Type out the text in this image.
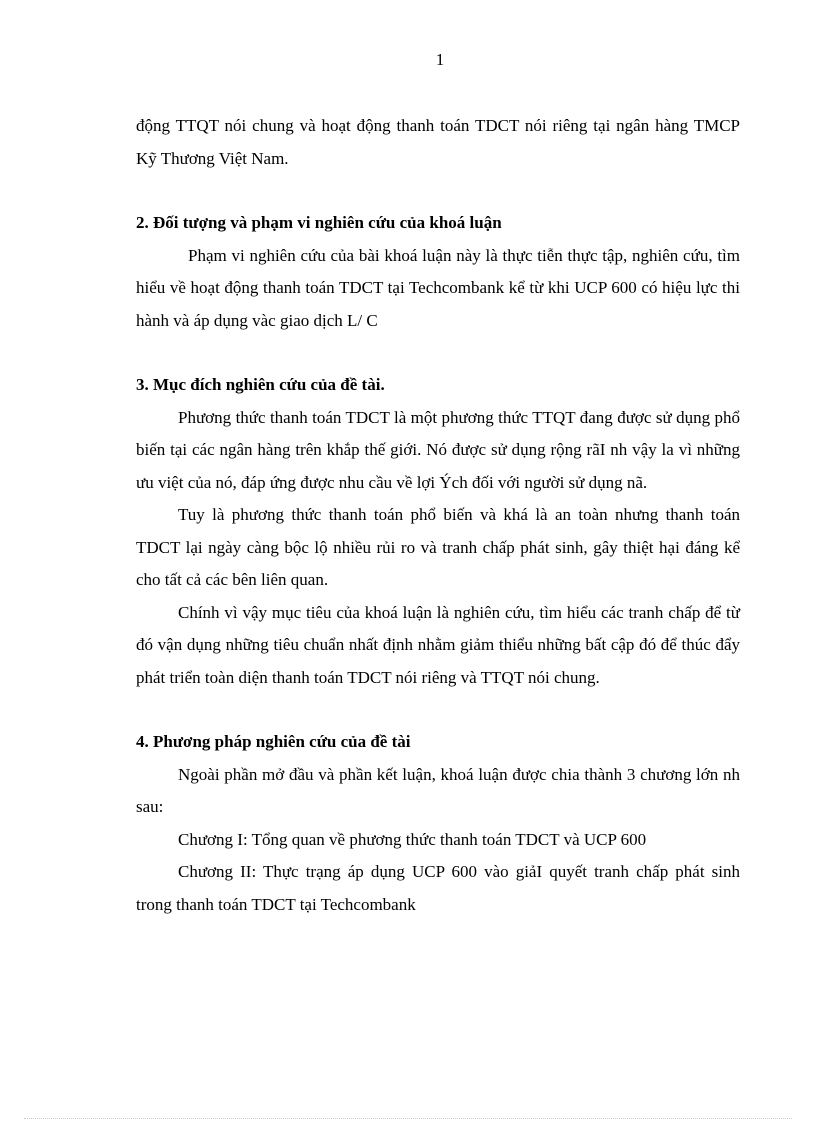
1

động TTQT nói chung và hoạt động thanh toán TDCT nói riêng tại ngân hàng TMCP Kỹ Thương Việt Nam.

2. Đối tượng và phạm vi nghiên cứu của khoá luận

Phạm vi nghiên cứu của bài khoá luận này là thực tiễn thực tập, nghiên cứu, tìm hiểu về hoạt động thanh toán TDCT tại Techcombank kể từ khi UCP 600 có hiệu lực thi hành và áp dụng vàc giao dịch L/ C

3. Mục đích nghiên cứu của đề tài.

Phương thức thanh toán TDCT là một phương thức TTQT đang được sử dụng phổ biến tại các ngân hàng trên khắp thế giới. Nó được sử dụng rộng rãI nh vậy la vì những ưu việt của nó, đáp ứng được nhu cầu về lợi Ých đối với người sử dụng nã.

Tuy là phương thức thanh toán phổ biến và khá là an toàn nhưng thanh toán TDCT lại ngày càng bộc lộ nhiều rủi ro và tranh chấp phát sinh, gây thiệt hại đáng kể cho tất cả các bên liên quan.

Chính vì vậy mục tiêu của khoá luận là nghiên cứu, tìm hiểu các tranh chấp để từ đó vận dụng những tiêu chuẩn nhất định nhằm giảm thiểu những bất cập đó để thúc đẩy phát triển toàn diện thanh toán TDCT nói riêng và TTQT nói chung.

4. Phương pháp nghiên cứu của đề tài

Ngoài phần mở đầu và phần kết luận, khoá luận được chia thành 3 chương lớn nh sau:

Chương I: Tổng quan về phương thức thanh toán TDCT và UCP 600

Chương II: Thực trạng áp dụng UCP 600 vào giảI quyết tranh chấp phát sinh trong thanh toán TDCT tại Techcombank
